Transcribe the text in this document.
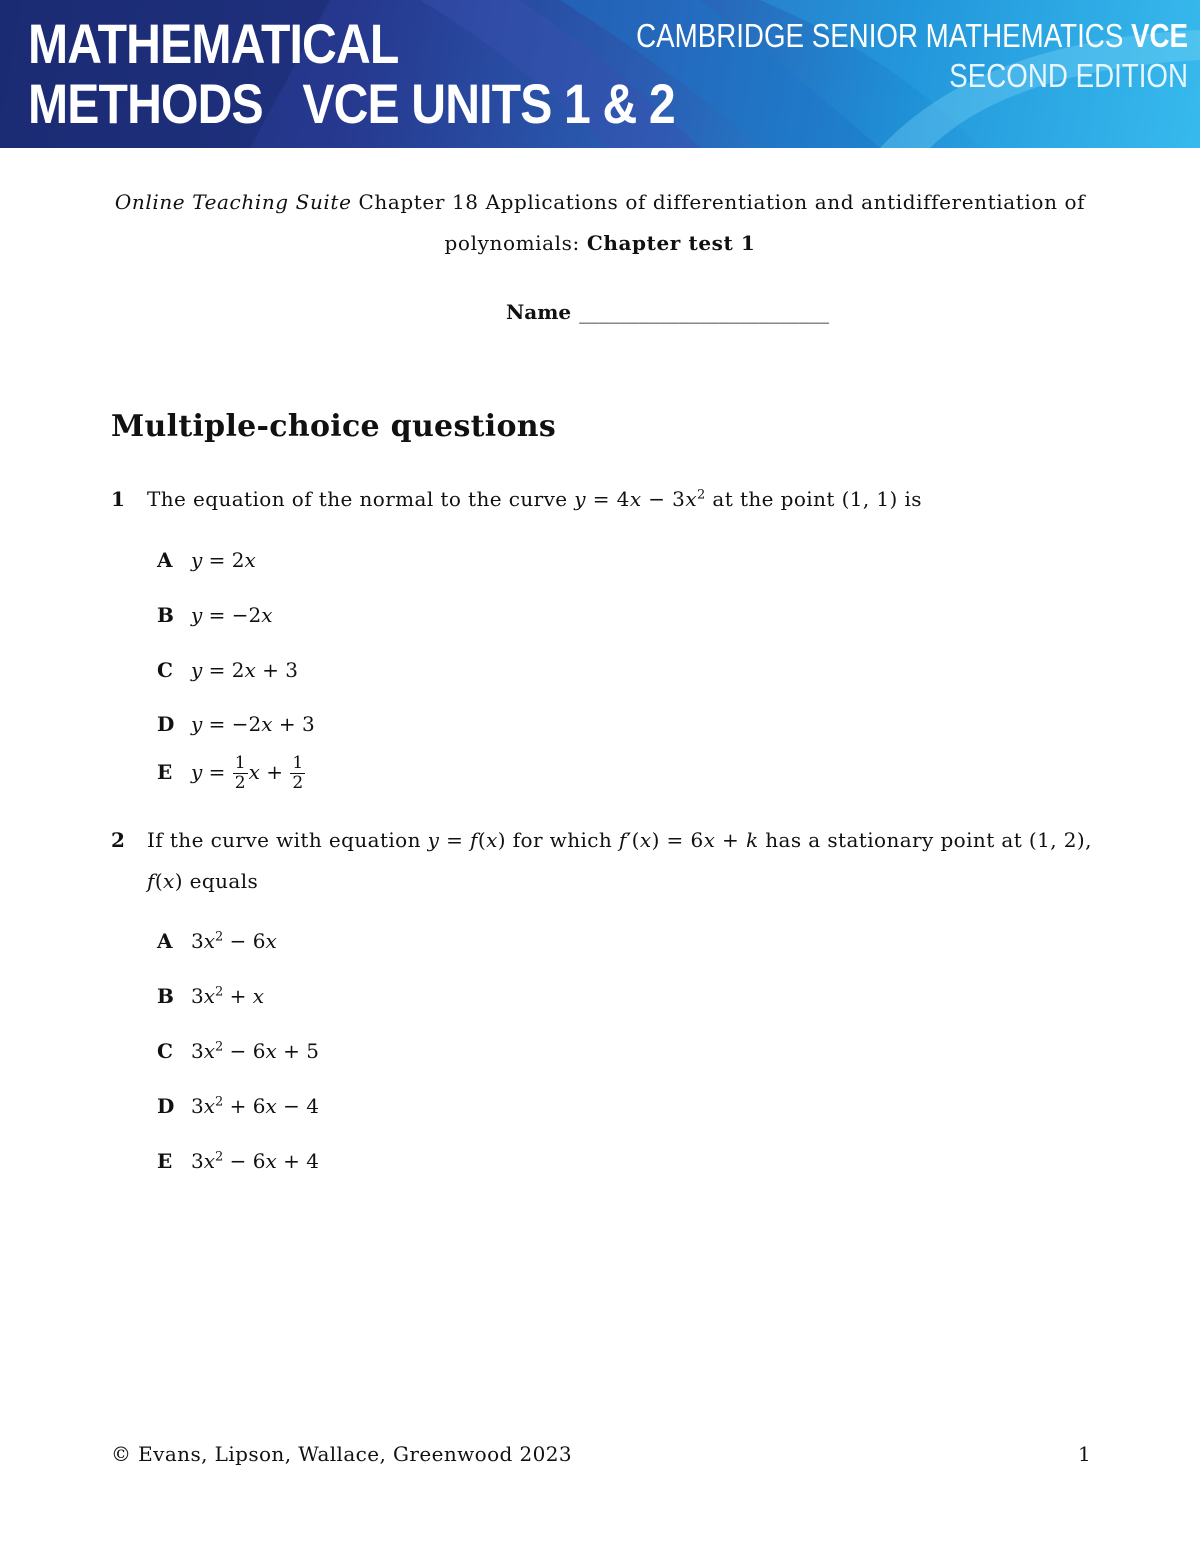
MATHEMATICAL
METHODS VCE UNITS 1 & 2
CAMBRIDGE SENIOR MATHEMATICS VCE
SECOND EDITION
Online Teaching Suite Chapter 18 Applications of differentiation and antidifferentiation of
polynomials: Chapter test 1
Name _________________________
Multiple-choice questions
1 The equation of the normal to the curve $y = 4x - 3x^2$ at the point (1, 1) is
A y = 2x
B y = −2x
C y = 2x + 3
D y = −2x + 3
E $y = \frac{1}{2}$ $x + \frac{1}{2}$
2 If the curve with equation y = f(x) for which f′(x) = 6x + k has a stationary point at (1, 2),
f(x) equals
A $3x^2 - 6x$
B $3x^2 + x$
C $3x^2 - 6x + 5$
D $3x^2 + 6x - 4$
E $3x^2 - 6x + 4$
© Evans, Lipson, Wallace, Greenwood 2023	1
